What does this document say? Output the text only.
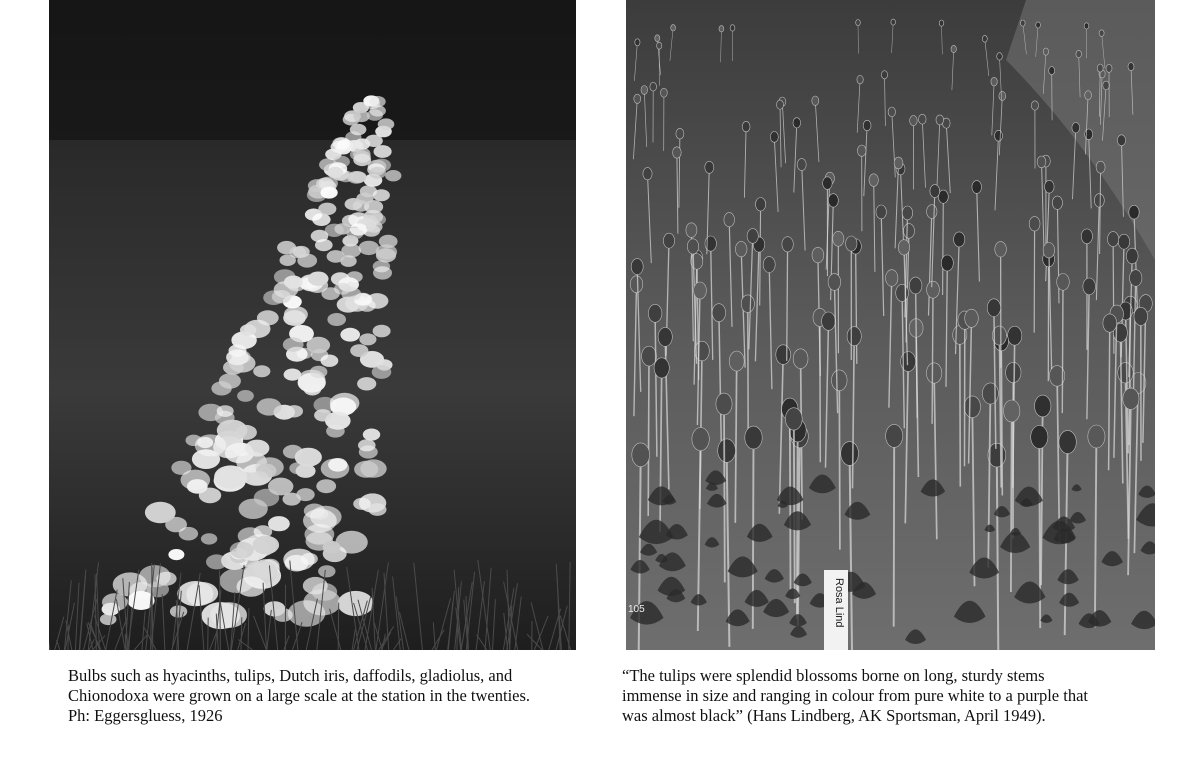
Rosa Lind
105

Bulbs such as hyacinths, tulips, Dutch iris, daffodils, gladiolus, and
Chionodoxa were grown on a large scale at the station in the twenties.
Ph: Eggersgluess, 1926

“The tulips were splendid blossoms borne on long, sturdy stems
immense in size and ranging in colour from pure white to a purple that
was almost black” (Hans Lindberg, AK Sportsman, April 1949).
